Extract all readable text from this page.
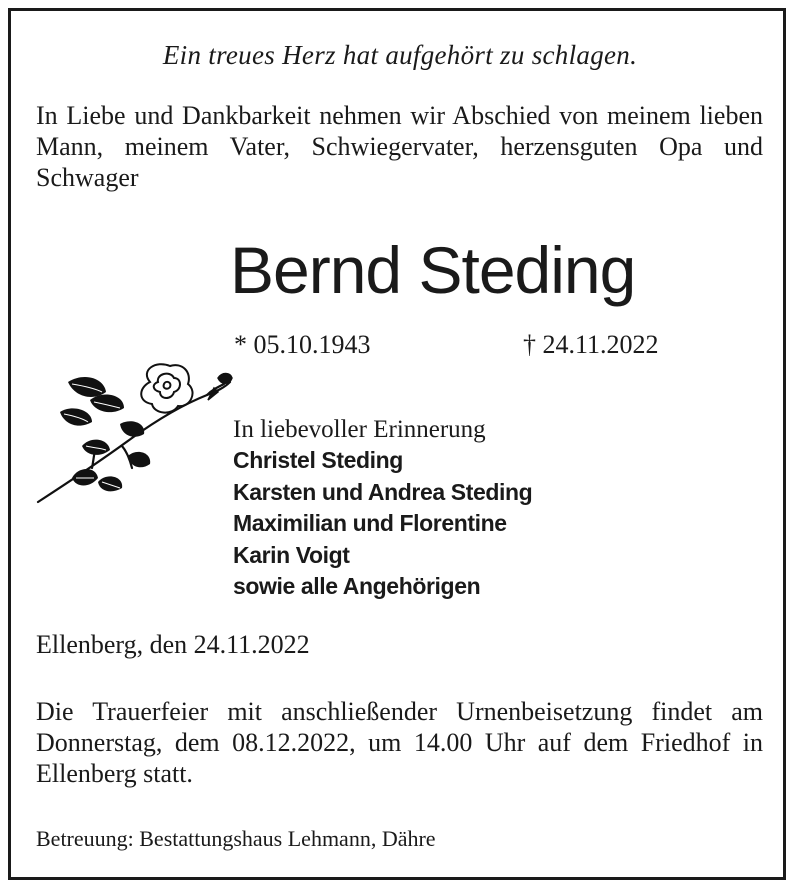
Ein treues Herz hat aufgehört zu schlagen.
In Liebe und Dankbarkeit nehmen wir Abschied von meinem lieben Mann, meinem Vater, Schwiegervater, herzensguten Opa und Schwager
Bernd Steding
* 05.10.1943	† 24.11.2022
In liebevoller Erinnerung
Christel Steding
Karsten und Andrea Steding
Maximilian und Florentine
Karin Voigt
sowie alle Angehörigen
Ellenberg, den 24.11.2022
Die Trauerfeier mit anschließender Urnenbeisetzung findet am Donnerstag, dem 08.12.2022, um 14.00 Uhr auf dem Friedhof in Ellenberg statt.
Betreuung: Bestattungshaus Lehmann, Dähre
